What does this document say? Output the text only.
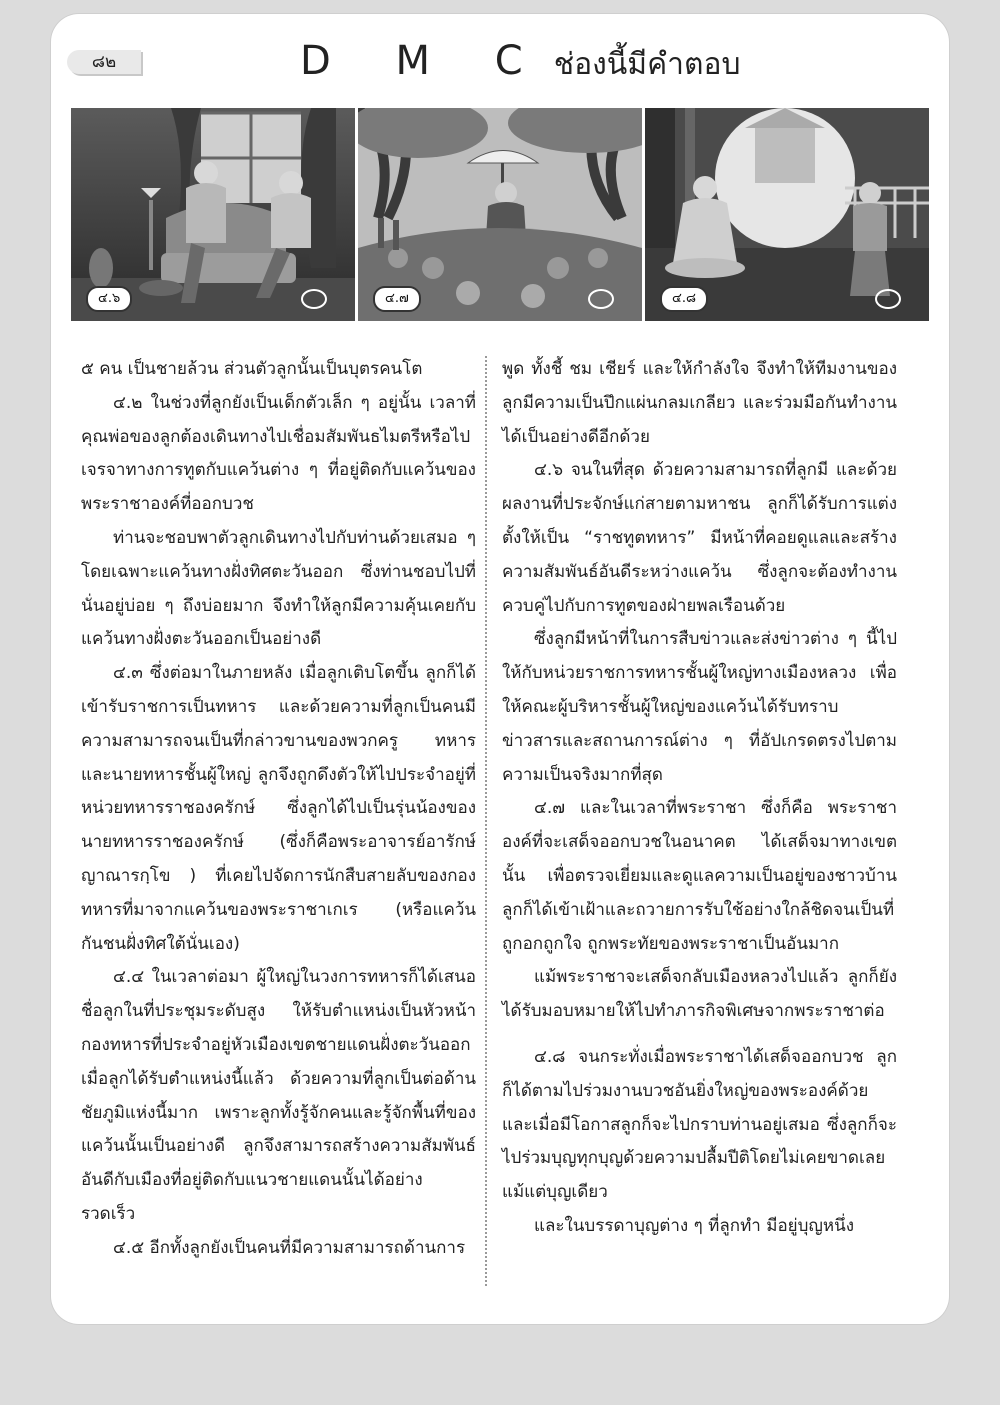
๘๒	D M C ช่องนี้มีคำตอบ
๔.๖	๔.๗	๔.๘

๕ คน เป็นชายล้วน ส่วนตัวลูกนั้นเป็นบุตรคนโต

๔.๒ ในช่วงที่ลูกยังเป็นเด็กตัวเล็ก ๆ อยู่นั้น เวลาที่คุณพ่อของลูกต้องเดินทางไปเชื่อมสัมพันธไมตรีหรือไปเจรจาทางการทูตกับแคว้นต่าง ๆ ที่อยู่ติดกับแคว้นของพระราชาองค์ที่ออกบวช

ท่านจะชอบพาตัวลูกเดินทางไปกับท่านด้วยเสมอ ๆ โดยเฉพาะแคว้นทางฝั่งทิศตะวันออก ซึ่งท่านชอบไปที่นั่นอยู่บ่อย ๆ ถึงบ่อยมาก จึงทำให้ลูกมีความคุ้นเคยกับแคว้นทางฝั่งตะวันออกเป็นอย่างดี

๔.๓ ซึ่งต่อมาในภายหลัง เมื่อลูกเติบโตขึ้น ลูกก็ได้เข้ารับราชการเป็นทหาร และด้วยความที่ลูกเป็นคนมีความสามารถจนเป็นที่กล่าวขานของพวกครู ทหาร และนายทหารชั้นผู้ใหญ่ ลูกจึงถูกดึงตัวให้ไปประจำอยู่ที่หน่วยทหารราชองครักษ์ ซึ่งลูกได้ไปเป็นรุ่นน้องของนายทหารราชองครักษ์ (ซึ่งก็คือพระอาจารย์อารักษ์ ญาณารกฺโข ) ที่เคยไปจัดการนักสืบสายลับของกองทหารที่มาจากแคว้นของพระราชาเกเร (หรือแคว้นกันชนฝั่งทิศใต้นั่นเอง)

๔.๔ ในเวลาต่อมา ผู้ใหญ่ในวงการทหารก็ได้เสนอชื่อลูกในที่ประชุมระดับสูง ให้รับตำแหน่งเป็นหัวหน้ากองทหารที่ประจำอยู่หัวเมืองเขตชายแดนฝั่งตะวันออก เมื่อลูกได้รับตำแหน่งนี้แล้ว ด้วยความที่ลูกเป็นต่อด้านชัยภูมิแห่งนี้มาก เพราะลูกทั้งรู้จักคนและรู้จักพื้นที่ของแคว้นนั้นเป็นอย่างดี ลูกจึงสามารถสร้างความสัมพันธ์อันดีกับเมืองที่อยู่ติดกับแนวชายแดนนั้นได้อย่างรวดเร็ว

๔.๕ อีกทั้งลูกยังเป็นคนที่มีความสามารถด้านการ

พูด ทั้งชี้ ชม เชียร์ และให้กำลังใจ จึงทำให้ทีมงานของลูกมีความเป็นปึกแผ่นกลมเกลียว และร่วมมือกันทำงานได้เป็นอย่างดีอีกด้วย

๔.๖ จนในที่สุด ด้วยความสามารถที่ลูกมี และด้วยผลงานที่ประจักษ์แก่สายตามหาชน ลูกก็ได้รับการแต่งตั้งให้เป็น “ราชทูตทหาร” มีหน้าที่คอยดูแลและสร้างความสัมพันธ์อันดีระหว่างแคว้น ซึ่งลูกจะต้องทำงานควบคู่ไปกับการทูตของฝ่ายพลเรือนด้วย

ซึ่งลูกมีหน้าที่ในการสืบข่าวและส่งข่าวต่าง ๆ นี้ไปให้กับหน่วยราชการทหารชั้นผู้ใหญ่ทางเมืองหลวง เพื่อให้คณะผู้บริหารชั้นผู้ใหญ่ของแคว้นได้รับทราบข่าวสารและสถานการณ์ต่าง ๆ ที่อัปเกรดตรงไปตามความเป็นจริงมากที่สุด

๔.๗ และในเวลาที่พระราชา ซึ่งก็คือ พระราชาองค์ที่จะเสด็จออกบวชในอนาคต ได้เสด็จมาทางเขตนั้น เพื่อตรวจเยี่ยมและดูแลความเป็นอยู่ของชาวบ้าน ลูกก็ได้เข้าเฝ้าและถวายการรับใช้อย่างใกล้ชิดจนเป็นที่ถูกอกถูกใจ ถูกพระทัยของพระราชาเป็นอันมาก

แม้พระราชาจะเสด็จกลับเมืองหลวงไปแล้ว ลูกก็ยังได้รับมอบหมายให้ไปทำภารกิจพิเศษจากพระราชาต่อ

๔.๘ จนกระทั่งเมื่อพระราชาได้เสด็จออกบวช ลูกก็ได้ตามไปร่วมงานบวชอันยิ่งใหญ่ของพระองค์ด้วย และเมื่อมีโอกาสลูกก็จะไปกราบท่านอยู่เสมอ ซึ่งลูกก็จะไปร่วมบุญทุกบุญด้วยความปลื้มปีติโดยไม่เคยขาดเลยแม้แต่บุญเดียว

และในบรรดาบุญต่าง ๆ ที่ลูกทำ มีอยู่บุญหนึ่ง
